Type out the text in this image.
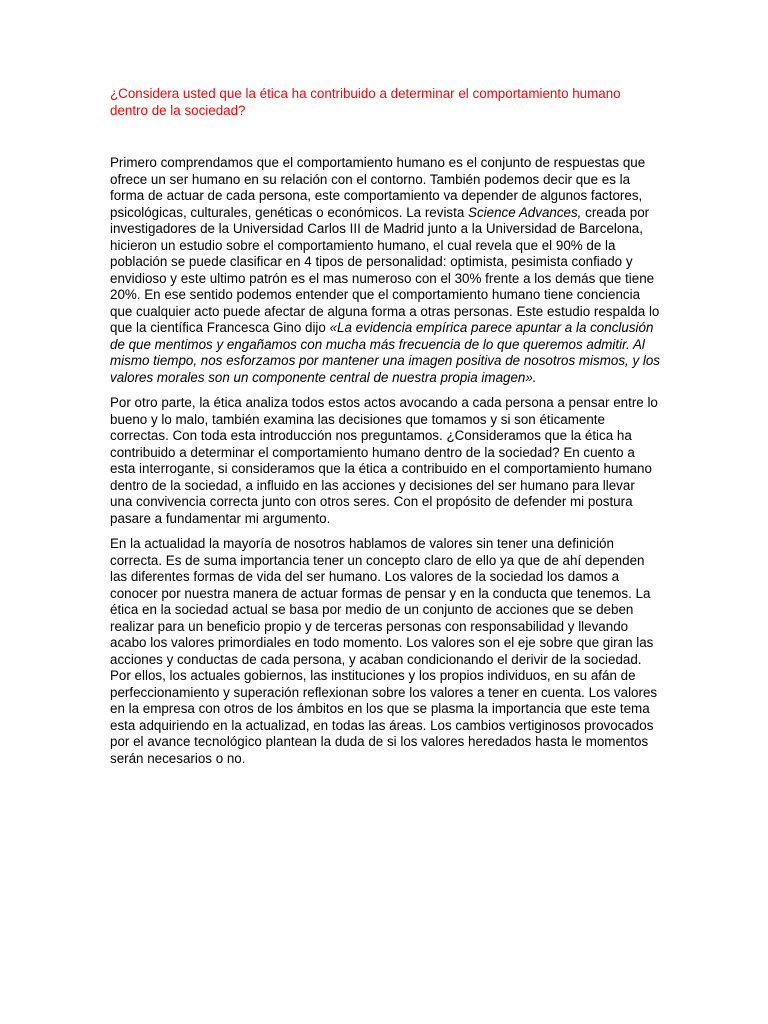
¿Considera usted que la ética ha contribuido a determinar el comportamiento humano dentro de la sociedad?

Primero comprendamos que el comportamiento humano es el conjunto de respuestas que ofrece un ser humano en su relación con el contorno. También podemos decir que es la forma de actuar de cada persona, este comportamiento va depender de algunos factores, psicológicas, culturales, genéticas o económicos. La revista Science Advances, creada por investigadores de la Universidad Carlos III de Madrid junto a la Universidad de Barcelona, hicieron un estudio sobre el comportamiento humano, el cual revela que el 90% de la población se puede clasificar en 4 tipos de personalidad: optimista, pesimista confiado y envidioso y este ultimo patrón es el mas numeroso con el 30% frente a los demás que tiene 20%. En ese sentido podemos entender que el comportamiento humano tiene conciencia que cualquier acto puede afectar de alguna forma a otras personas. Este estudio respalda lo que la científica Francesca Gino dijo «La evidencia empírica parece apuntar a la conclusión de que mentimos y engañamos con mucha más frecuencia de lo que queremos admitir. Al mismo tiempo, nos esforzamos por mantener una imagen positiva de nosotros mismos, y los valores morales son un componente central de nuestra propia imagen».

Por otro parte, la ética analiza todos estos actos avocando a cada persona a pensar entre lo bueno y lo malo, también examina las decisiones que tomamos y si son éticamente correctas. Con toda esta introducción nos preguntamos. ¿Consideramos que la ética ha contribuido a determinar el comportamiento humano dentro de la sociedad? En cuento a esta interrogante, si consideramos que la ética a contribuido en el comportamiento humano dentro de la sociedad, a influido en las acciones y decisiones del ser humano para llevar una convivencia correcta junto con otros seres. Con el propósito de defender mi postura pasare a fundamentar mi argumento.

En la actualidad la mayoría de nosotros hablamos de valores sin tener una definición correcta. Es de suma importancia tener un concepto claro de ello ya que de ahí dependen las diferentes formas de vida del ser humano. Los valores de la sociedad los damos a conocer por nuestra manera de actuar formas de pensar y en la conducta que tenemos. La ética en la sociedad actual se basa por medio de un conjunto de acciones que se deben realizar para un beneficio propio y de terceras personas con responsabilidad y llevando acabo los valores primordiales en todo momento. Los valores son el eje sobre que giran las acciones y conductas de cada persona, y acaban condicionando el derivir de la sociedad. Por ellos, los actuales gobiernos, las instituciones y los propios individuos, en su afán de perfeccionamiento y superación reflexionan sobre los valores a tener en cuenta. Los valores en la empresa con otros de los ámbitos en los que se plasma la importancia que este tema esta adquiriendo en la actualizad, en todas las áreas. Los cambios vertiginosos provocados por el avance tecnológico plantean la duda de si los valores heredados hasta le momentos serán necesarios o no.
